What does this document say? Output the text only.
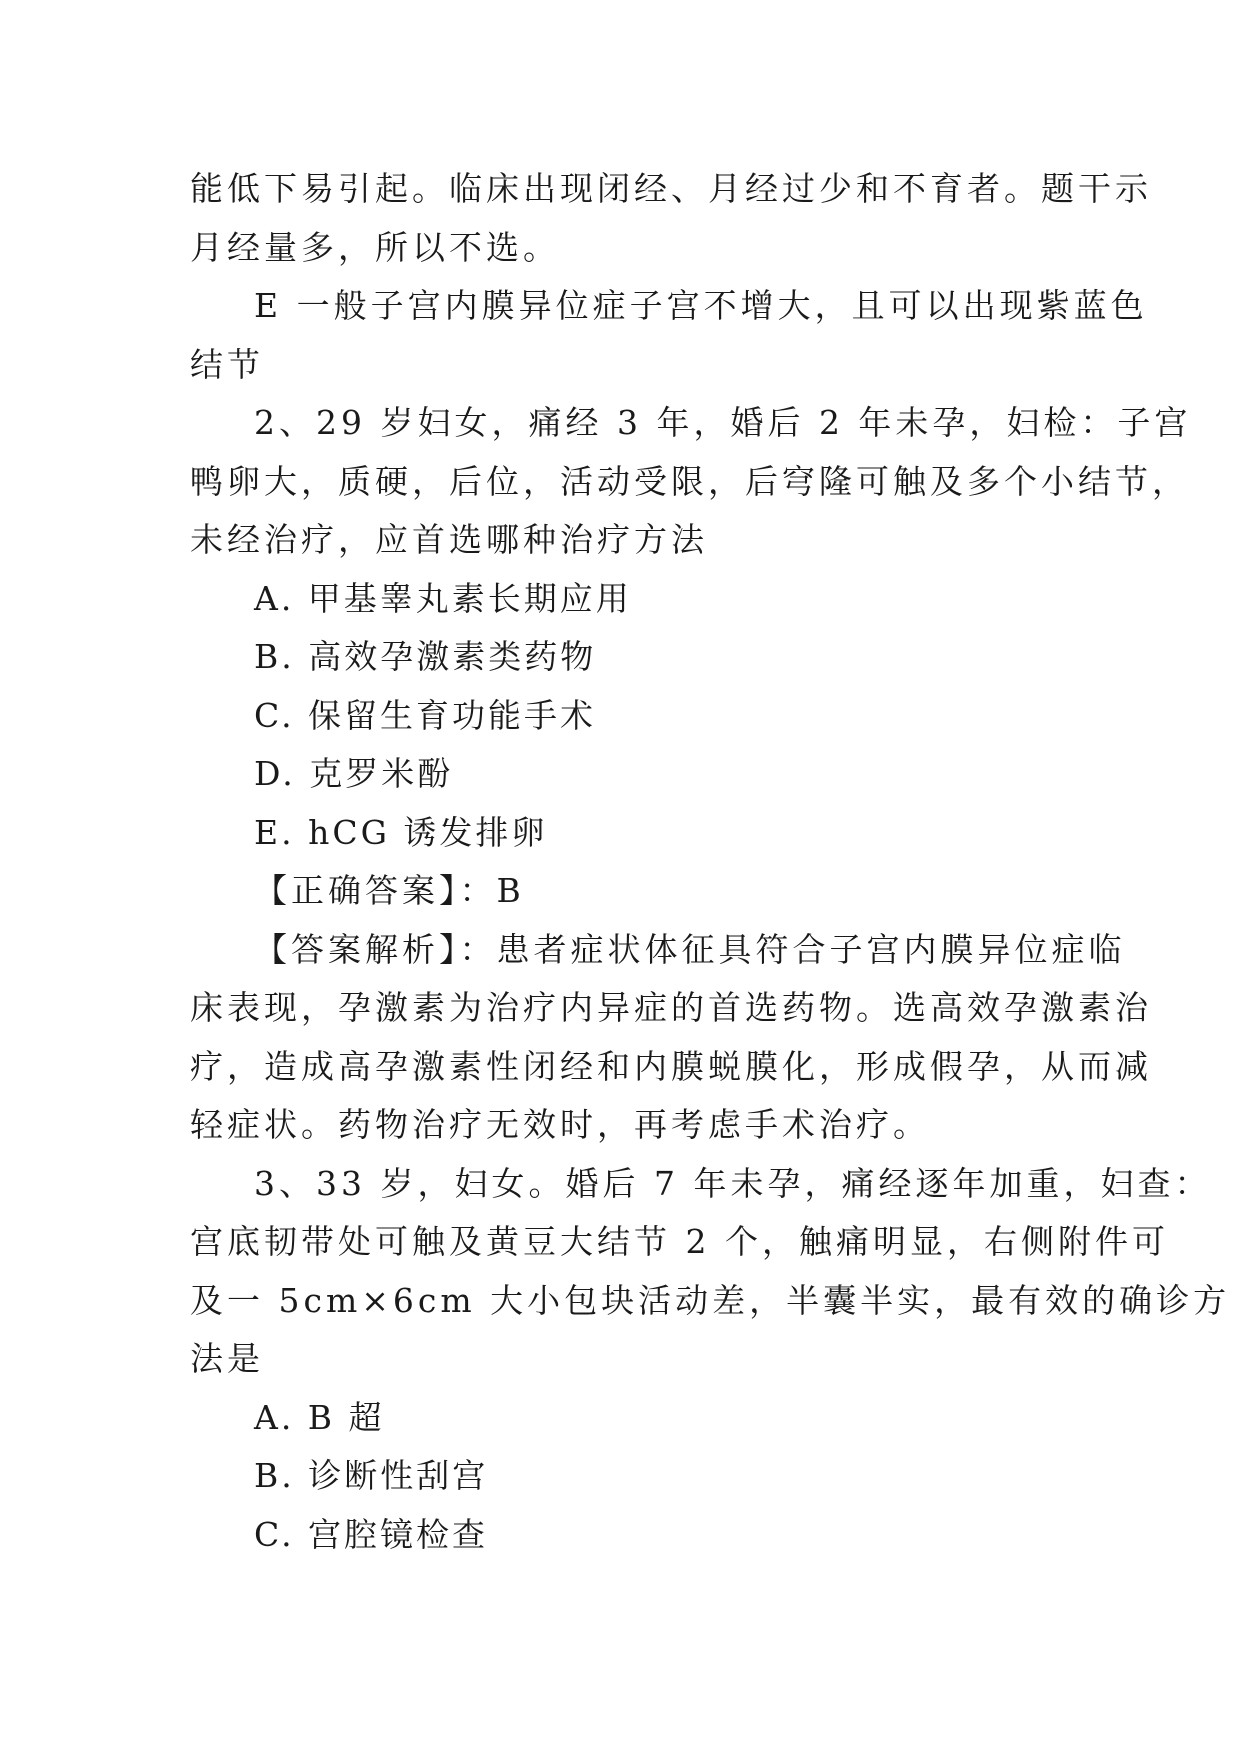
能低下易引起。临床出现闭经、月经过少和不育者。题干示
月经量多，所以不选。
E 一般子宫内膜异位症子宫不增大，且可以出现紫蓝色
结节
2、29 岁妇女，痛经 3 年，婚后 2 年未孕，妇检：子宫
鸭卵大，质硬，后位，活动受限，后穹隆可触及多个小结节，
未经治疗，应首选哪种治疗方法
A. 甲基睾丸素长期应用
B. 高效孕激素类药物
C. 保留生育功能手术
D. 克罗米酚
E. hCG 诱发排卵
【正确答案】：B
【答案解析】：患者症状体征具符合子宫内膜异位症临
床表现，孕激素为治疗内异症的首选药物。选高效孕激素治
疗，造成高孕激素性闭经和内膜蜕膜化，形成假孕，从而减
轻症状。药物治疗无效时，再考虑手术治疗。
3、33 岁，妇女。婚后 7 年未孕，痛经逐年加重，妇查：
宫底韧带处可触及黄豆大结节 2 个，触痛明显，右侧附件可
及一 5cm×6cm 大小包块活动差，半囊半实，最有效的确诊方
法是
A. B 超
B. 诊断性刮宫
C. 宫腔镜检查
